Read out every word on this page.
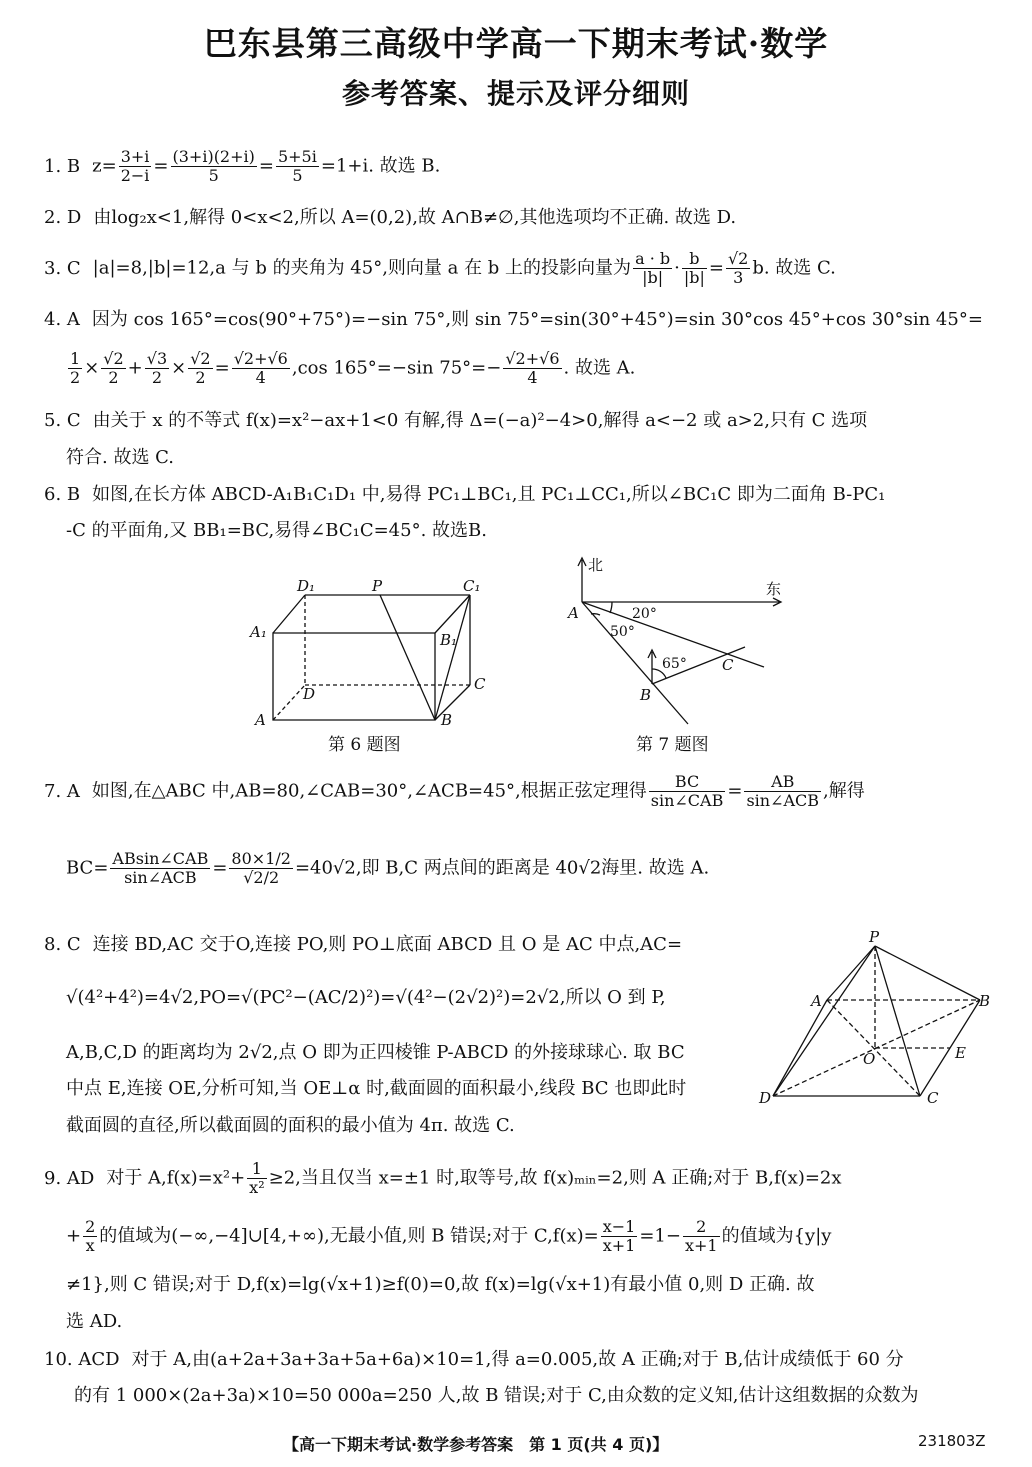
巴东县第三高级中学高一下期末考试·数学
参考答案、提示及评分细则
1. B $z= \frac{3+i}{2-i} = \frac{(3+i)(2+i)}{5} = \frac{5+5i}{5} =1+i$. 故选 B.
2. D 由log₂x<1,解得 0<x<2,所以 A=(0,2),故 A∩B≠∅,其他选项均不正确. 故选 D.
3. C |a|=8,|b|=12,a 与 b 的夹角为 45°,则向量 a 在 b 上的投影向量为 $\frac{a \cdot b}{|b|} \cdot \frac{b}{|b|} = \frac{√2}{3} b$. 故选 C.
4. A 因为 cos 165°=cos(90°+75°)=−sin 75°,则 sin 75°=sin(30°+45°)=sin 30°cos 45°+cos 30°sin 45°=
$\frac{1}{2} \times \frac{√2}{2} + \frac{√3}{2} \times \frac{√2}{2} = \frac{√2+√6}{4} ,\cos$ 165°=−sin $75^\circ=- \frac{√2+√6}{4}$ . 故选 A.
5. C 由关于 x 的不等式 f(x)=x²−ax+1<0 有解,得 Δ=(−a)²−4>0,解得 a<−2 或 a>2,只有 C 选项
符合. 故选 C.
6. B 如图,在长方体 ABCD-A₁B₁C₁D₁ 中,易得 PC₁⊥BC₁,且 PC₁⊥CC₁,所以∠BC₁C 即为二面角 B-PC₁
-C 的平面角,又 BB₁=BC,易得∠BC₁C=45°. 故选B.
D₁	P	C₁
A₁	B₁
D
C
A	B
第 6 题图
北
东
A
B
C
20°
50°
65°
第 7 题图
7. A 如图,在△ABC 中,AB=80,∠CAB=30°,∠ACB=45°,根据正弦定理得 $\frac{BC}{\text{sin∠CAB}} = \frac{AB}{\text{sin∠ACB}}$ ,解得
$BC= \frac{\text{ABsin∠CAB}}{\text{sin∠ACB}} = \frac{80\times 1/2}{√2/2} =40√2$,即 B,C 两点间的距离是 40√2海里. 故选 A.
8. C 连接 BD,AC 交于O,连接 PO,则 PO⊥底面 ABCD 且 O 是 AC 中点,AC=
√(4²+4²)=4√2,PO=√(PC²−(AC/2)²)=√(4²−(2√2)²)=2√2,所以 O 到 P,
A,B,C,D 的距离均为 2√2,点 O 即为正四棱锥 P-ABCD 的外接球球心. 取 BC
中点 E,连接 OE,分析可知,当 OE⊥α 时,截面圆的面积最小,线段 BC 也即此时
截面圆的直径,所以截面圆的面积的最小值为 4π. 故选 C.
P
A	B
O	E
D	C
9. AD 对于 $A,f(x)=x^2+ \frac{1}{\text{x²}} \ge 2$,当且仅当 x=±1 时,取等号,故 f(x)ₘᵢₙ=2,则 A 正确;对于 B,f(x)=2x
+ $\frac{2}{x}$ 的值域为(−∞,−4]∪[4,+∞),无最小值,则 B 错误;对于 $C,f(x)= \frac{x-1}{x+1} =1- \frac{2}{x+1}$ 的值域为{y|y
≠1},则 C 错误;对于 D,f(x)=lg(√x+1)≥f(0)=0,故 f(x)=lg(√x+1)有最小值 0,则 D 正确. 故
选 AD.
10. ACD 对于 A,由(a+2a+3a+3a+5a+6a)×10=1,得 a=0.005,故 A 正确;对于 B,估计成绩低于 60 分
的有 1 000×(2a+3a)×10=50 000a=250 人,故 B 错误;对于 C,由众数的定义知,估计这组数据的众数为
【高一下期末考试·数学参考答案　第 1 页(共 4 页)】	231803Z
